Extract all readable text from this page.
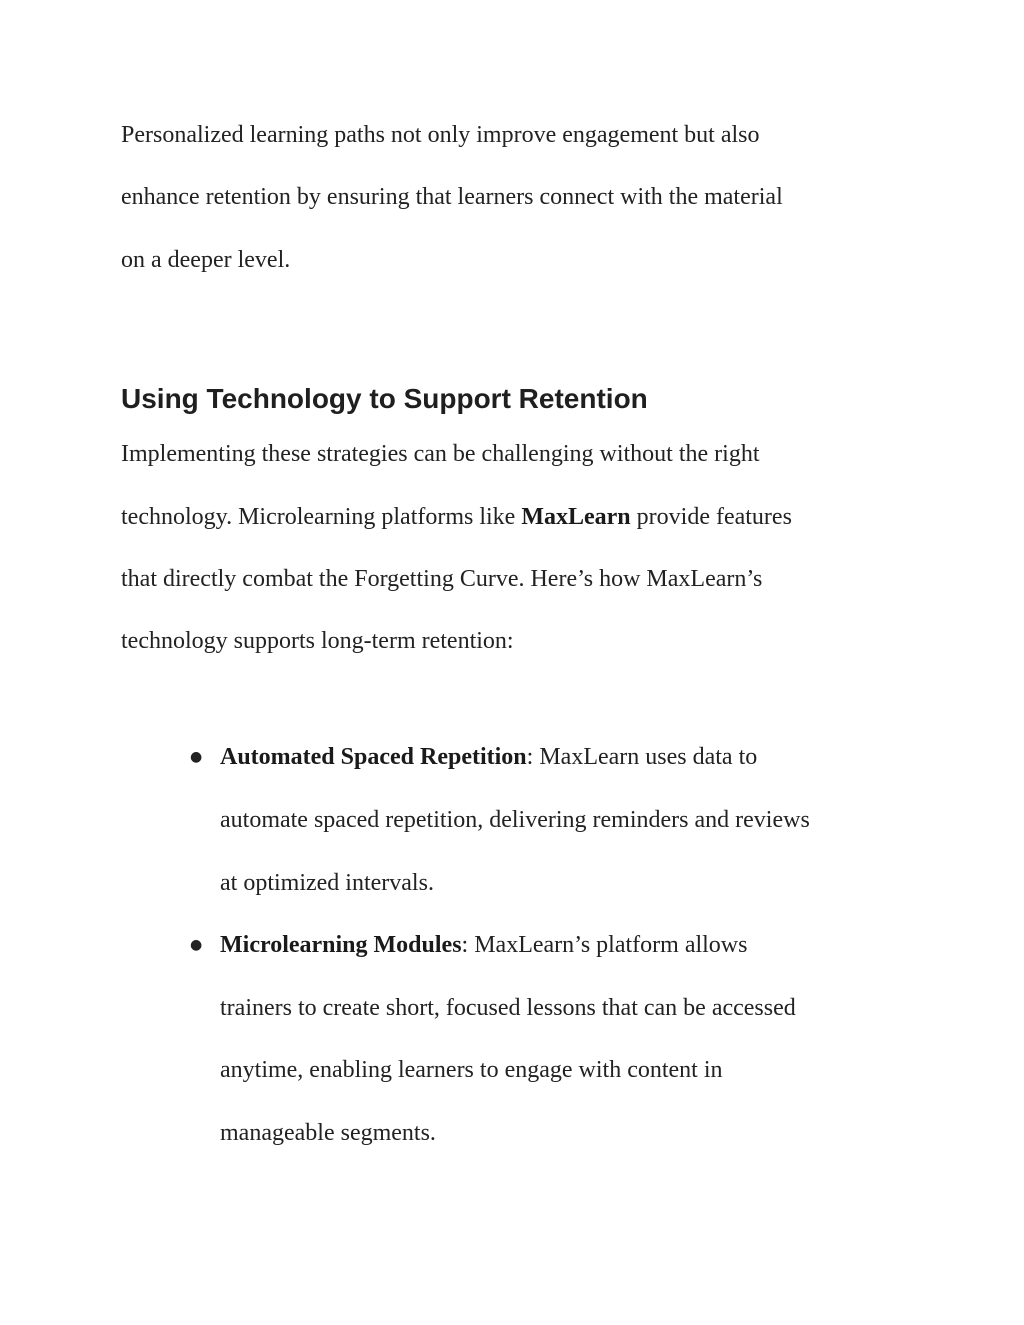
Personalized learning paths not only improve engagement but also
enhance retention by ensuring that learners connect with the material
on a deeper level.
Using Technology to Support Retention
Implementing these strategies can be challenging without the right
technology. Microlearning platforms like MaxLearn provide features
that directly combat the Forgetting Curve. Here’s how MaxLearn’s
technology supports long-term retention:
● Automated Spaced Repetition: MaxLearn uses data to
automate spaced repetition, delivering reminders and reviews
at optimized intervals.
● Microlearning Modules: MaxLearn’s platform allows
trainers to create short, focused lessons that can be accessed
anytime, enabling learners to engage with content in
manageable segments.
